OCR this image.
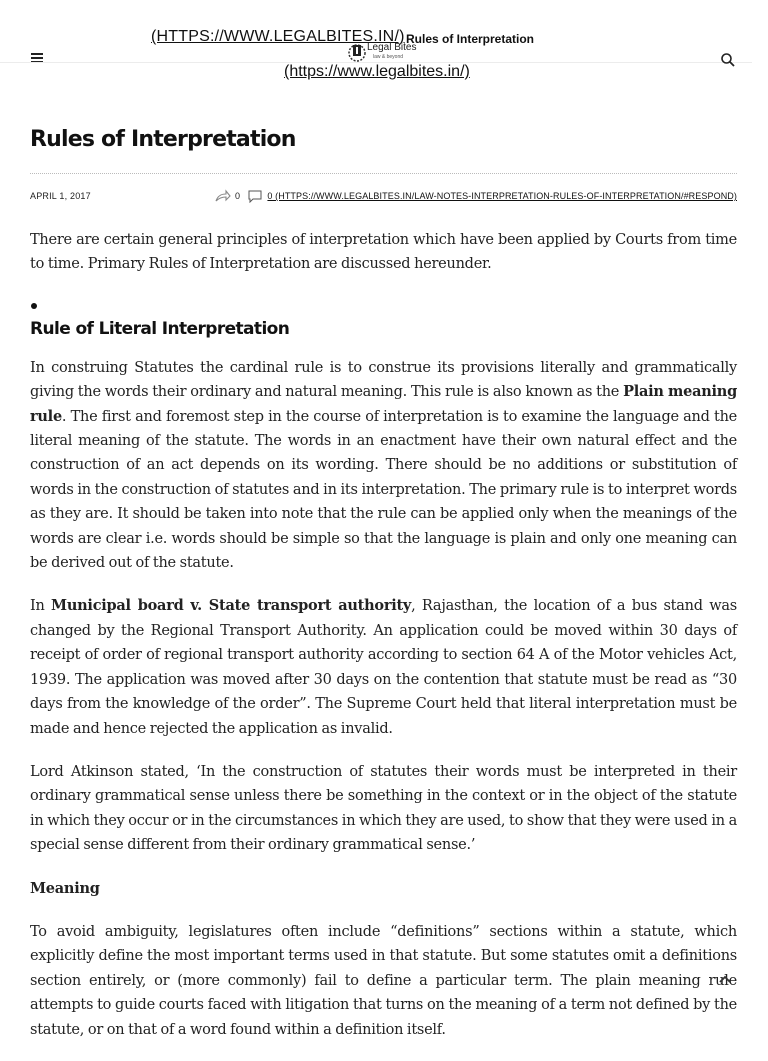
(HTTPS://WWW.LEGALBITES.IN/)
Legal Bites
law & beyond
Rules of Interpretation
(https://www.legalbites.in/)
Rules of Interpretation
APRIL 1, 2017	0	0 (HTTPS://WWW.LEGALBITES.IN/LAW-NOTES-INTERPRETATION-RULES-OF-INTERPRETATION/#RESPOND)

There are certain general principles of interpretation which have been applied by Courts from time to time. Primary Rules of Interpretation are discussed hereunder.

Rule of Literal Interpretation

In construing Statutes the cardinal rule is to construe its provisions literally and grammatically giving the words their ordinary and natural meaning. This rule is also known as the Plain meaning rule. The first and foremost step in the course of interpretation is to examine the language and the literal meaning of the statute. The words in an enactment have their own natural effect and the construction of an act depends on its wording. There should be no additions or substitution of words in the construction of statutes and in its interpretation. The primary rule is to interpret words as they are. It should be taken into note that the rule can be applied only when the meanings of the words are clear i.e. words should be simple so that the language is plain and only one meaning can be derived out of the statute.

In Municipal board v. State transport authority, Rajasthan, the location of a bus stand was changed by the Regional Transport Authority. An application could be moved within 30 days of receipt of order of regional transport authority according to section 64 A of the Motor vehicles Act, 1939. The application was moved after 30 days on the contention that statute must be read as “30 days from the knowledge of the order”. The Supreme Court held that literal interpretation must be made and hence rejected the application as invalid.

Lord Atkinson stated, ‘In the construction of statutes their words must be interpreted in their ordinary grammatical sense unless there be something in the context or in the object of the statute in which they occur or in the circumstances in which they are used, to show that they were used in a special sense different from their ordinary grammatical sense.’

Meaning

To avoid ambiguity, legislatures often include “definitions” sections within a statute, which explicitly define the most important terms used in that statute. But some statutes omit a definitions section entirely, or (more commonly) fail to define a particular term. The plain meaning rule attempts to guide courts faced with litigation that turns on the meaning of a term not defined by the statute, or on that of a word found within a definition itself.
